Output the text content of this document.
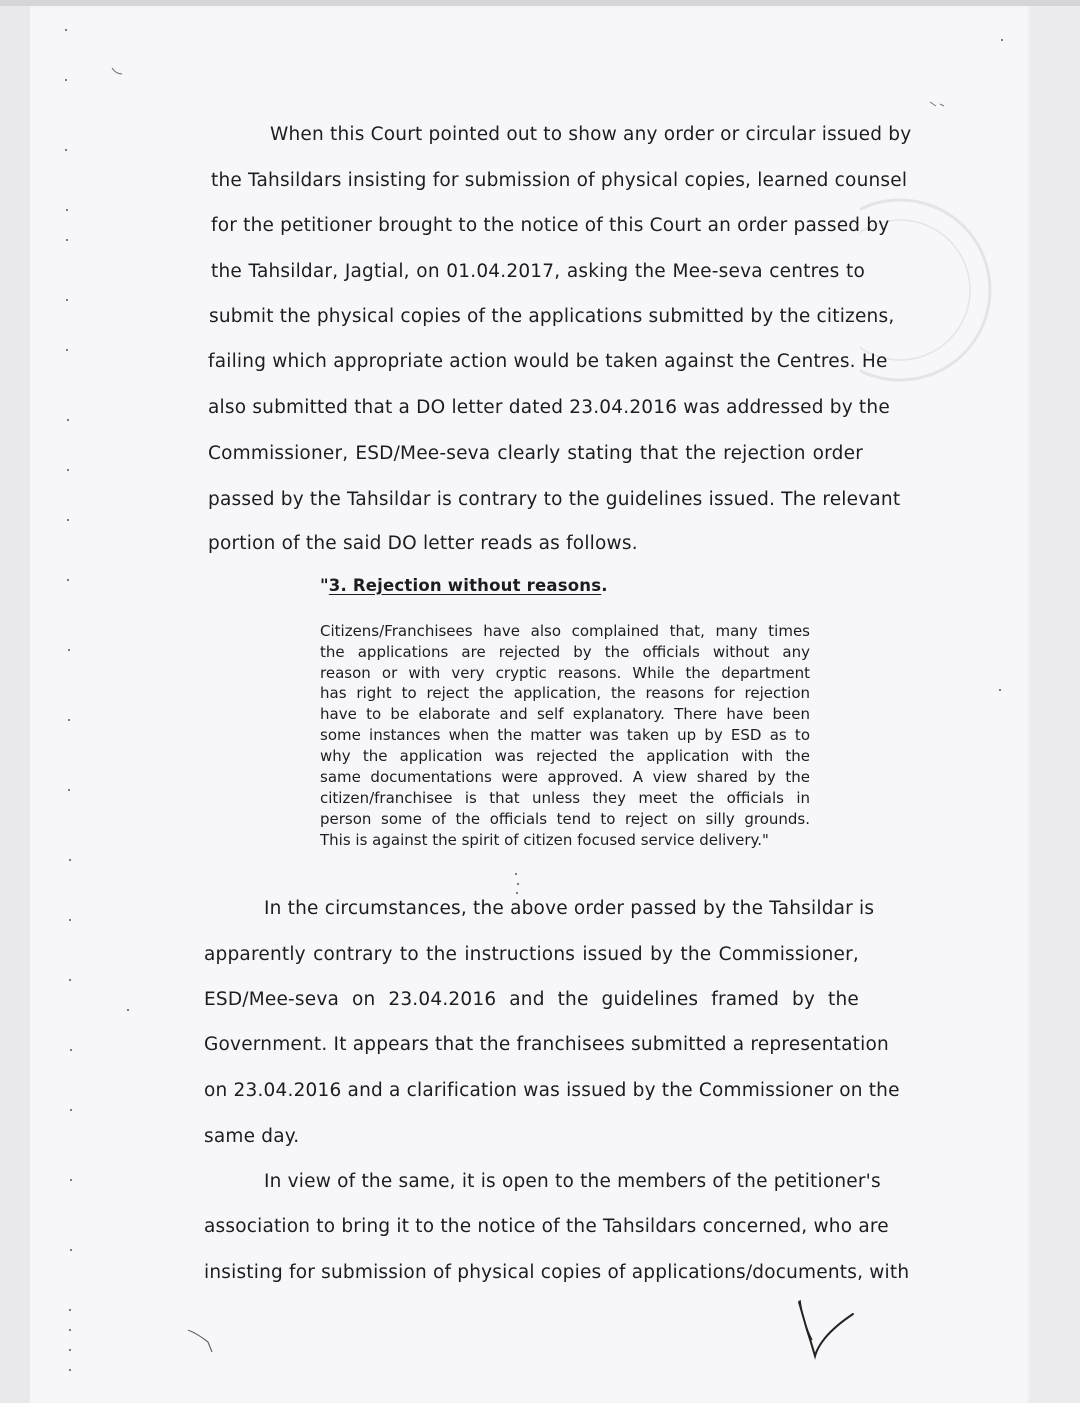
When this Court pointed out to show any order or circular issued by
the Tahsildars insisting for submission of physical copies, learned counsel
for the petitioner brought to the notice of this Court an order passed by
the Tahsildar, Jagtial, on 01.04.2017, asking the Mee-seva centres to
submit the physical copies of the applications submitted by the citizens,
failing which appropriate action would be taken against the Centres. He
also submitted that a DO letter dated 23.04.2016 was addressed by the
Commissioner, ESD/Mee-seva clearly stating that the rejection order
passed by the Tahsildar is contrary to the guidelines issued. The relevant
portion of the said DO letter reads as follows.
"3. Rejection without reasons.
Citizens/Franchisees have also complained that, many times
the applications are rejected by the officials without any
reason or with very cryptic reasons. While the department
has right to reject the application, the reasons for rejection
have to be elaborate and self explanatory. There have been
some instances when the matter was taken up by ESD as to
why the application was rejected the application with the
same documentations were approved. A view shared by the
citizen/franchisee is that unless they meet the officials in
person some of the officials tend to reject on silly grounds.
This is against the spirit of citizen focused service delivery."
In the circumstances, the above order passed by the Tahsildar is
apparently contrary to the instructions issued by the Commissioner,
ESD/Mee-seva on 23.04.2016 and the guidelines framed by the
Government. It appears that the franchisees submitted a representation
on 23.04.2016 and a clarification was issued by the Commissioner on the
same day.
In view of the same, it is open to the members of the petitioner's
association to bring it to the notice of the Tahsildars concerned, who are
insisting for submission of physical copies of applications/documents, with
